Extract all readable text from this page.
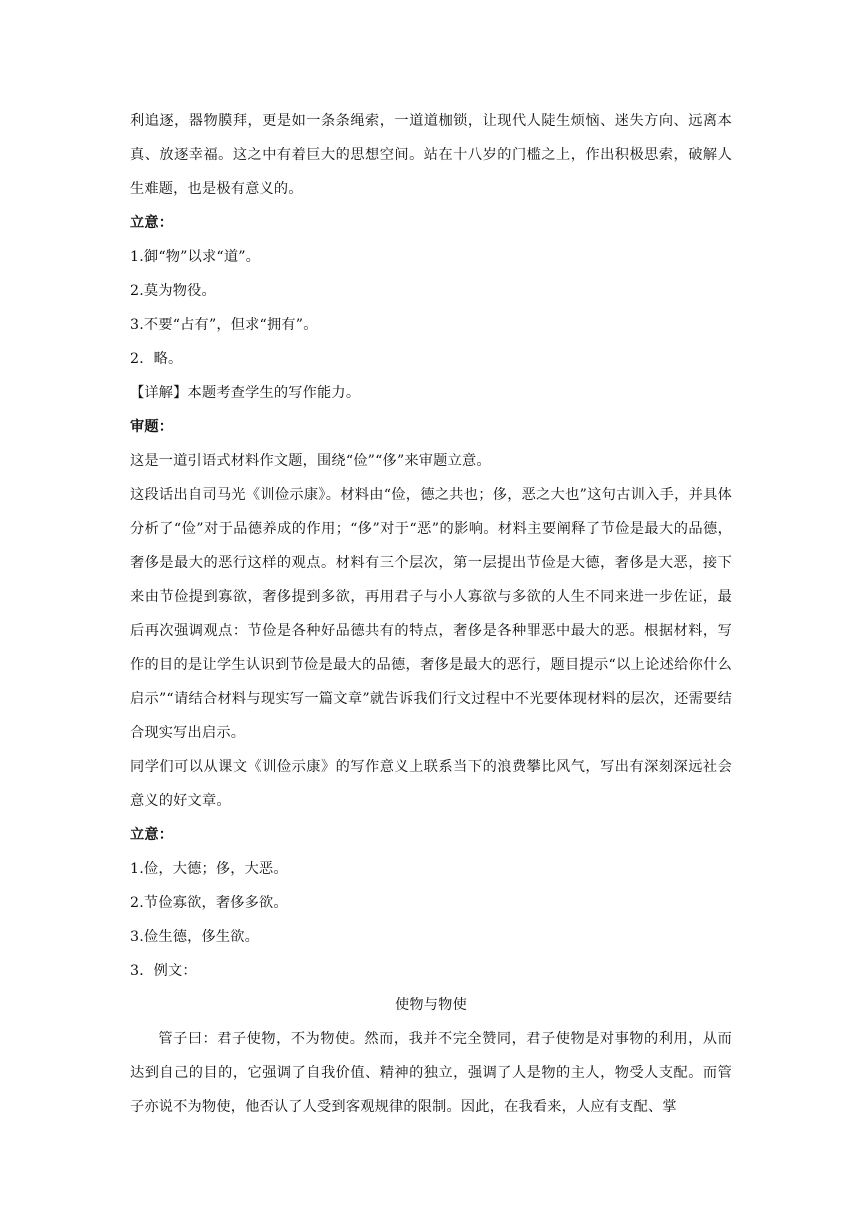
利追逐，器物膜拜，更是如一条条绳索，一道道枷锁，让现代人陡生烦恼、迷失方向、远离本真、放逐幸福。这之中有着巨大的思想空间。站在十八岁的门槛之上，作出积极思索，破解人生难题，也是极有意义的。

立意：

1.御“物”以求“道”。

2.莫为物役。

3.不要“占有”，但求“拥有”。

2．略。

【详解】本题考查学生的写作能力。

审题：

这是一道引语式材料作文题，围绕“俭”“侈”来审题立意。

这段话出自司马光《训俭示康》。材料由“俭，德之共也；侈，恶之大也”这句古训入手，并具体分析了“俭”对于品德养成的作用；“侈”对于“恶”的影响。材料主要阐释了节俭是最大的品德，奢侈是最大的恶行这样的观点。材料有三个层次，第一层提出节俭是大德，奢侈是大恶，接下来由节俭提到寡欲，奢侈提到多欲，再用君子与小人寡欲与多欲的人生不同来进一步佐证，最后再次强调观点：节俭是各种好品德共有的特点，奢侈是各种罪恶中最大的恶。根据材料，写作的目的是让学生认识到节俭是最大的品德，奢侈是最大的恶行，题目提示“以上论述给你什么启示”“请结合材料与现实写一篇文章”就告诉我们行文过程中不光要体现材料的层次，还需要结合现实写出启示。

同学们可以从课文《训俭示康》的写作意义上联系当下的浪费攀比风气，写出有深刻深远社会意义的好文章。

立意：

1.俭，大德；侈，大恶。

2.节俭寡欲，奢侈多欲。

3.俭生德，侈生欲。

3．例文：

使物与物使

管子曰：君子使物，不为物使。然而，我并不完全赞同，君子使物是对事物的利用，从而达到自己的目的，它强调了自我价值、精神的独立，强调了人是物的主人，物受人支配。而管子亦说不为物使，他否认了人受到客观规律的限制。因此，在我看来，人应有支配、掌
